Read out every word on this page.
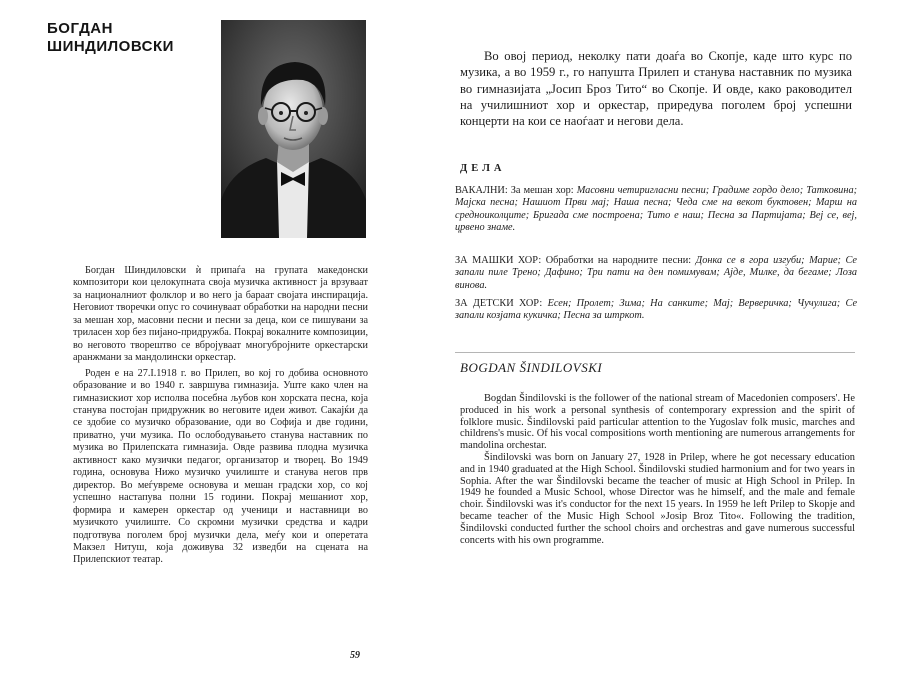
БОГДАН
ШИНДИЛОВСКИ

Богдан Шиндиловски ѝ припаѓа на групата македонски композитори кои целокупната своја музичка активност ја врзуваат за националниот фолклор и во него ја бараат својата инспирација. Неговиот творечки опус го сочинуваат обработки на народни песни за мешан хор, масовни песни и песни за деца, кои се пишувани за триласен хор без пијано-придружба. Покрај вокалните композиции, во неговото творештво се вбројуваат многубројните оркестарски аранжмани за мандолински оркестар.

Роден е на 27.I.1918 г. во Прилеп, во кој го добива основното образование и во 1940 г. завршува гимназија. Уште како член на гимназискиот хор исполва посебна љубов кон хорската песна, која станува постојан придружник во неговите идеи живот. Сакајќи да се здобие со музичко образование, оди во Софија и две години, приватно, учи музика. По ослободувањето станува наставник по музика во Прилепската гимназија. Овде развива плодна музичка активност како музички педагог, организатор и творец. Во 1949 година, основува Нижо музичко училиште и станува негов прв директор. Во меѓувреме основува и мешан градски хор, со кој успешно настапува полни 15 години. Покрај мешаниот хор, формира и камерен оркестар од ученици и наставници во музичкото училиште. Со скромни музички средства и кадри подготвува поголем број музички дела, меѓу кои и оперетата Макзел Нитуш, која доживува 32 изведби на сцената на Прилепскиот театар.

59

Во овој период, неколку пати доаѓа во Скопје, каде што курс по музика, а во 1959 г., го напушта Прилеп и станува наставник по музика во гимназијата „Јосип Броз Тито“ во Скопје. И овде, како раководител на училишниот хор и оркестар, приредува поголем број успешни концерти на кои се наоѓаат и негови дела.

ДЕЛА
ВАКАЛНИ: За мешан хор: Масовни четиригласни песни; Градиме гордо дело; Татковина; Мајска песна; Нашиот Први мај; Наша песна; Чеда сме на векот буктовен; Марш на средноиколците; Бригада сме построена; Тито е наш; Песна за Партијата; Веј се, веј, црвено знаме.
ЗА МАШКИ ХОР: Обработки на народните песни: Донка се в гора изгуби; Марие; Се запали пиле Трено; Дафино; Три пати на ден помимувам; Ајде, Милке, да бегаме; Лоза виновa.
ЗА ДЕТСКИ ХОР: Есен; Пролет; Зима; На санките; Мај; Верверичка; Чучулига; Се запали козјата кукичка; Песна за штркот.
BOGDAN ŠINDILOVSKI

Bogdan Šindilovski is the follower of the national stream of Macedonien composers'. He produced in his work a personal synthesis of contemporary expression and the spirit of folklore music. Šindilovski paid particular attention to the Yugoslav folk music, marches and childrens's music. Of his vocal compositions worth mentioning are numerous arrangements for mandolina orchestar.

Šindilovski was born on January 27, 1928 in Prilep, where he got necessary education and in 1940 graduated at the High School. Šindilovski studied harmonium and for two years in Sophia. After the war Šindilovski became the teacher of music at High School in Prilep. In 1949 he founded a Music School, whose Director was he himself, and the male and female choir. Šindilovski was it's conductor for the next 15 years. In 1959 he left Prilep to Skopje and became teacher of the Music High School »Josip Broz Tito«. Following the tradition, Šindilovski conducted further the school choirs and orchestras and gave numerous successful concerts with his own programme.
